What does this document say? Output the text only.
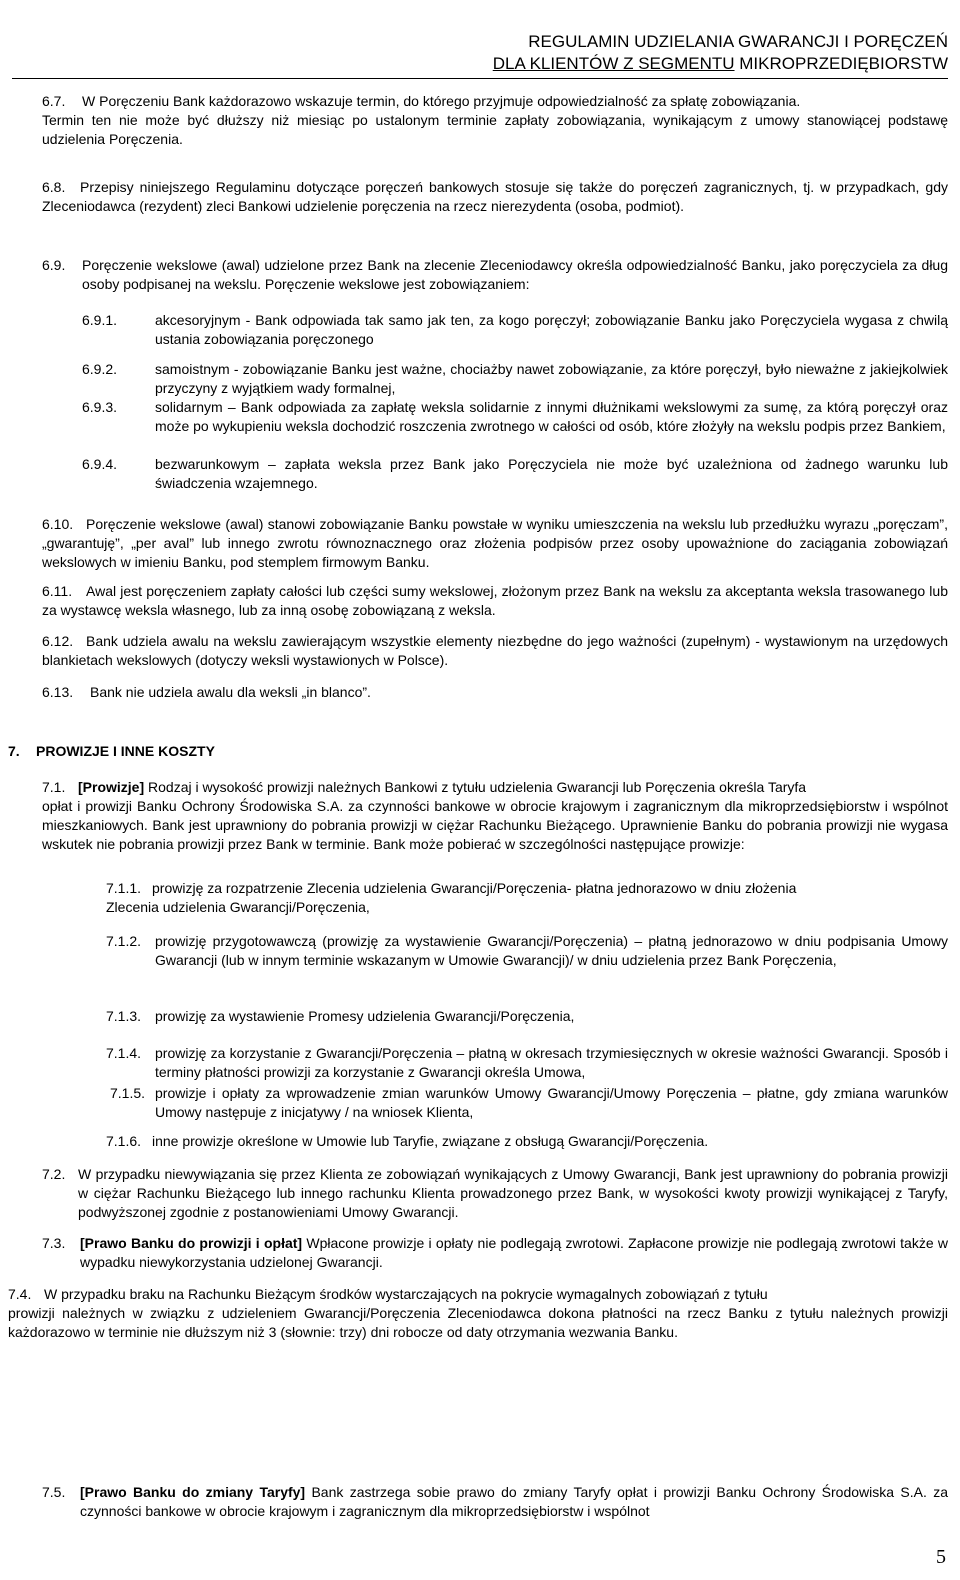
REGULAMIN UDZIELANIA GWARANCJI I PORĘCZEŃ
DLA KLIENTÓW Z SEGMENTU MIKROPRZEDIĘBIORSTW
6.7. W Poręczeniu Bank każdorazowo wskazuje termin, do którego przyjmuje odpowiedzialność za spłatę zobowiązania.
Termin ten nie może być dłuższy niż miesiąc po ustalonym terminie zapłaty zobowiązania, wynikającym z umowy stanowiącej podstawę udzielenia Poręczenia.
6.8.	Przepisy niniejszego Regulaminu dotyczące poręczeń bankowych stosuje się także do poręczeń zagranicznych, tj. w przypadkach, gdy Zleceniodawca (rezydent) zleci Bankowi udzielenie poręczenia na rzecz nierezydenta (osoba, podmiot).
6.9. Poręczenie wekslowe (awal) udzielone przez Bank na zlecenie Zleceniodawcy określa odpowiedzialność Banku, jako poręczyciela za dług osoby podpisanej na wekslu. Poręczenie wekslowe jest zobowiązaniem:
6.9.1.	akcesoryjnym - Bank odpowiada tak samo jak ten, za kogo poręczył; zobowiązanie Banku jako Poręczyciela wygasa z chwilą ustania zobowiązania poręczonego
6.9.2.	samoistnym - zobowiązanie Banku jest ważne, chociażby nawet zobowiązanie, za które poręczył, było nieważne z jakiejkolwiek przyczyny z wyjątkiem wady formalnej,
6.9.3.	solidarnym – Bank odpowiada za zapłatę weksla solidarnie z innymi dłużnikami wekslowymi za sumę, za którą poręczył oraz może po wykupieniu weksla dochodzić roszczenia zwrotnego w całości od osób, które złożyły na wekslu podpis przez Bankiem,
6.9.4.	bezwarunkowym – zapłata weksla przez Bank jako Poręczyciela nie może być uzależniona od żadnego warunku lub świadczenia wzajemnego.
6.10. Poręczenie wekslowe (awal) stanowi zobowiązanie Banku powstałe w wyniku umieszczenia na wekslu lub przedłużku wyrazu „poręczam”, „gwarantuję”, „per aval” lub innego zwrotu równoznacznego oraz złożenia podpisów przez osoby upoważnione do zaciągania zobowiązań wekslowych w imieniu Banku, pod stemplem firmowym Banku.
6.11. Awal jest poręczeniem zapłaty całości lub części sumy wekslowej, złożonym przez Bank na wekslu za akceptanta weksla trasowanego lub za wystawcę weksla własnego, lub za inną osobę zobowiązaną z weksla.
6.12. Bank udziela awalu na wekslu zawierającym wszystkie elementy niezbędne do jego ważności (zupełnym) - wystawionym na urzędowych blankietach wekslowych (dotyczy weksli wystawionych w Polsce).
6.13. Bank nie udziela awalu dla weksli „in blanco”.
7. PROWIZJE I INNE KOSZTY
7.1. [Prowizje] Rodzaj i wysokość prowizji należnych Bankowi z tytułu udzielenia Gwarancji lub Poręczenia określa Taryfa
opłat i prowizji Banku Ochrony Środowiska S.A. za czynności bankowe w obrocie krajowym i zagranicznym dla mikroprzedsiębiorstw i wspólnot mieszkaniowych. Bank jest uprawniony do pobrania prowizji w ciężar Rachunku Bieżącego. Uprawnienie Banku do pobrania prowizji nie wygasa wskutek nie pobrania prowizji przez Bank w terminie. Bank może pobierać w szczególności następujące prowizje:
7.1.1. prowizję za rozpatrzenie Zlecenia udzielenia Gwarancji/Poręczenia- płatna jednorazowo w dniu złożenia
Zlecenia udzielenia Gwarancji/Poręczenia,
7.1.2. prowizję przygotowawczą (prowizję za wystawienie Gwarancji/Poręczenia) – płatną jednorazowo w dniu podpisania Umowy Gwarancji (lub w innym terminie wskazanym w Umowie Gwarancji)/ w dniu udzielenia przez Bank Poręczenia,
7.1.3. prowizję za wystawienie Promesy udzielenia Gwarancji/Poręczenia,
7.1.4. prowizję za korzystanie z Gwarancji/Poręczenia – płatną w okresach trzymiesięcznych w okresie ważności Gwarancji. Sposób i terminy płatności prowizji za korzystanie z Gwarancji określa Umowa,
7.1.5. prowizje i opłaty za wprowadzenie zmian warunków Umowy Gwarancji/Umowy Poręczenia – płatne, gdy zmiana warunków Umowy następuje z inicjatywy / na wniosek Klienta,
7.1.6. inne prowizje określone w Umowie lub Taryfie, związane z obsługą Gwarancji/Poręczenia.
7.2. W przypadku niewywiązania się przez Klienta ze zobowiązań wynikających z Umowy Gwarancji, Bank jest uprawniony do pobrania prowizji w ciężar Rachunku Bieżącego lub innego rachunku Klienta prowadzonego przez Bank, w wysokości kwoty prowizji wynikającej z Taryfy, podwyższonej zgodnie z postanowieniami Umowy Gwarancji.
7.3. [Prawo Banku do prowizji i opłat] Wpłacone prowizje i opłaty nie podlegają zwrotowi. Zapłacone prowizje nie podlegają zwrotowi także w wypadku niewykorzystania udzielonej Gwarancji.
7.4. W przypadku braku na Rachunku Bieżącym środków wystarczających na pokrycie wymagalnych zobowiązań z tytułu
prowizji należnych w związku z udzieleniem Gwarancji/Poręczenia Zleceniodawca dokona płatności na rzecz Banku z tytułu należnych prowizji każdorazowo w terminie nie dłuższym niż 3 (słownie: trzy) dni robocze od daty otrzymania wezwania Banku.
7.5. [Prawo Banku do zmiany Taryfy] Bank zastrzega sobie prawo do zmiany Taryfy opłat i prowizji Banku Ochrony Środowiska S.A. za czynności bankowe w obrocie krajowym i zagranicznym dla mikroprzedsiębiorstw i wspólnot
5
